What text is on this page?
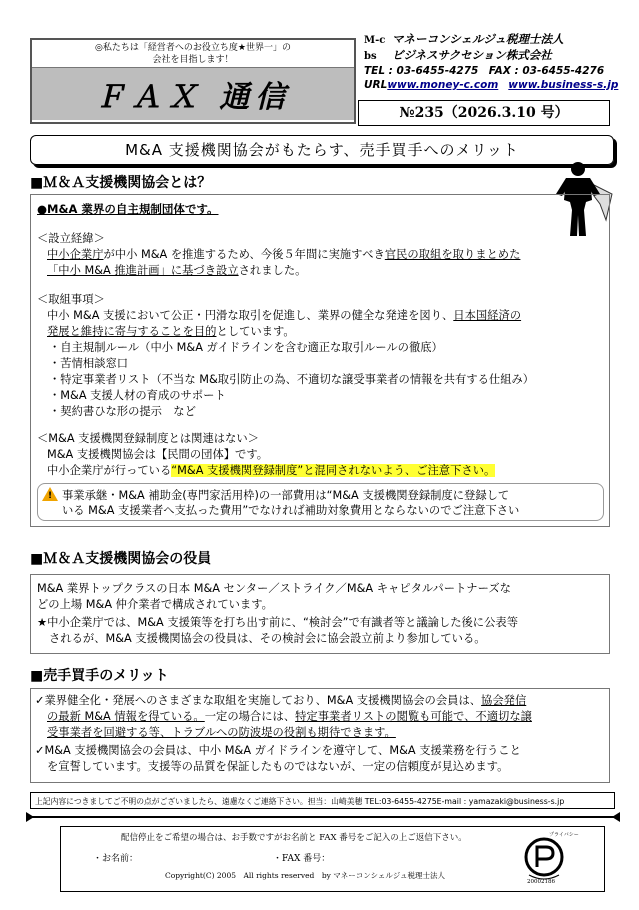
◎私たちは「経営者へのお役立ち度★世界一」の
会社を目指します！
ＦＡＸ 通信
M-c マネーコンシェルジュ税理士法人
bs ビジネスサクセション株式会社
TEL : 03-6455-4275　FAX : 03-6455-4276
URLwww.money-c.com www.business-s.jp
№235（2026.3.10 号）
M&A 支援機関協会がもたらす、売手買手へのメリット
■Ｍ＆Ａ支援機関協会とは？
●M&A 業界の自主規制団体です。
＜設立経緯＞
中小企業庁が中小 M&A を推進するため、今後５年間に実施すべき官民の取組を取りまとめた
「中小 M&A 推進計画」に基づき設立されました。
＜取組事項＞
中小 M&A 支援において公正・円滑な取引を促進し、業界の健全な発達を図り、日本国経済の
発展と維持に寄与することを目的としています。
・自主規制ルール（中小 M&A ガイドラインを含む適正な取引ルールの徹底）
・苦情相談窓口
・特定事業者リスト（不当な M&取引防止の為、不適切な譲受事業者の情報を共有する仕組み）
・M&A 支援人材の育成のサポート
・契約書ひな形の提示　など
＜M&A 支援機関登録制度とは関連はない＞
M&A 支援機関協会は【民間の団体】です。
中小企業庁が行っている“M&A 支援機関登録制度”と混同されないよう、ご注意下さい。
!事業承継・M&A 補助金(専門家活用枠)の一部費用は“M&A 支援機関登録制度に登録して
いる M&A 支援業者へ支払った費用”でなければ補助対象費用とならないのでご注意下さい
■Ｍ＆Ａ支援機関協会の役員
M&A 業界トップクラスの日本 M&A センター／ストライク／M&A キャピタルパートナーズな
どの上場 M&A 仲介業者で構成されています。
★中小企業庁では、M&A 支援策等を打ち出す前に、“検討会”で有識者等と議論した後に公表等
されるが、M&A 支援機関協会の役員は、その検討会に協会設立前より参加している。
■売手買手のメリット
✓業界健全化・発展へのさまざまな取組を実施しており、M&A 支援機関協会の会員は、協会発信
の最新 M&A 情報を得ている。一定の場合には、特定事業者リストの閲覧も可能で、不適切な譲
受事業者を回避する等、トラブルへの防波堤の役割も期待できます。
✓M&A 支援機関協会の会員は、中小 M&A ガイドラインを遵守して、M&A 支援業務を行うこと
を宣誓しています。支援等の品質を保証したものではないが、一定の信頼度が見込めます。
上記内容につきましてご不明の点がございましたら、遠慮なくご連絡下さい。担当：山崎美穂 TEL:03-6455-4275E-mail : yamazaki@business-s.jp
配信停止をご希望の場合は、お手数ですがお名前と FAX 番号をご記入の上ご返信下さい。
・お名前：	・FAX 番号：
Copyright(C) 2005　All rights reserved　by マネーコンシェルジュ税理士法人
プライバシー
20002186
